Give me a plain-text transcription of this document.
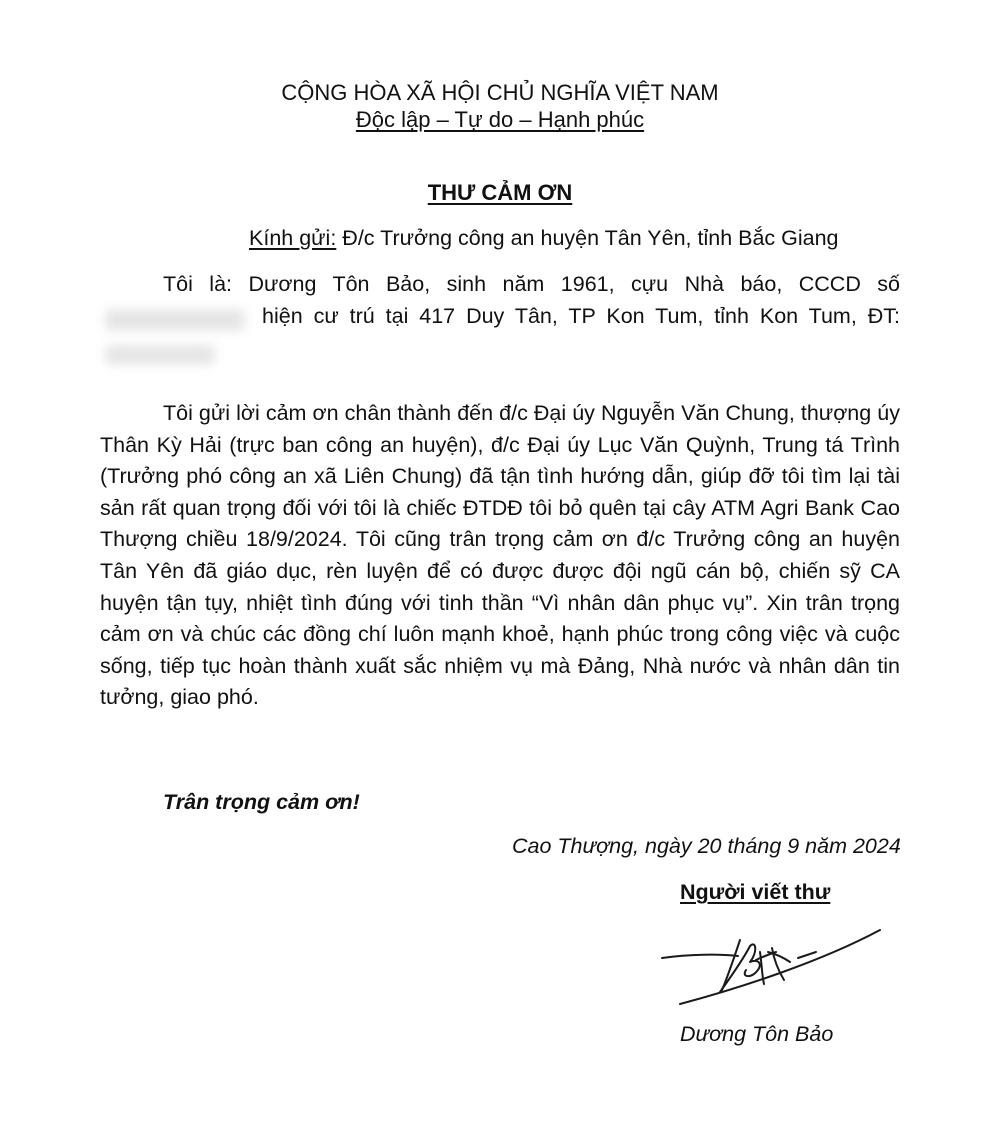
CỘNG HÒA XÃ HỘI CHỦ NGHĨA VIỆT NAM
Độc lập – Tự do – Hạnh phúc
THƯ CẢM ƠN
Kính gửi: Đ/c Trưởng công an huyện Tân Yên, tỉnh Bắc Giang
Tôi là: Dương Tôn Bảo, sinh năm 1961, cựu Nhà báo, CCCD số
hiện cư trú tại 417 Duy Tân, TP Kon Tum, tỉnh Kon Tum, ĐT:
Tôi gửi lời cảm ơn chân thành đến đ/c Đại úy Nguyễn Văn Chung, thượng úy Thân Kỳ Hải (trực ban công an huyện), đ/c Đại úy Lục Văn Quỳnh, Trung tá Trình (Trưởng phó công an xã Liên Chung) đã tận tình hướng dẫn, giúp đỡ tôi tìm lại tài sản rất quan trọng đối với tôi là chiếc ĐTDĐ tôi bỏ quên tại cây ATM Agri Bank Cao Thượng chiều 18/9/2024. Tôi cũng trân trọng cảm ơn đ/c Trưởng công an huyện Tân Yên đã giáo dục, rèn luyện để có được được đội ngũ cán bộ, chiến sỹ CA huyện tận tụy, nhiệt tình đúng với tinh thần “Vì nhân dân phục vụ”. Xin trân trọng cảm ơn và chúc các đồng chí luôn mạnh khoẻ, hạnh phúc trong công việc và cuộc sống, tiếp tục hoàn thành xuất sắc nhiệm vụ mà Đảng, Nhà nước và nhân dân tin tưởng, giao phó.
Trân trọng cảm ơn!
Cao Thượng, ngày 20 tháng 9 năm 2024
Người viết thư
Dương Tôn Bảo
